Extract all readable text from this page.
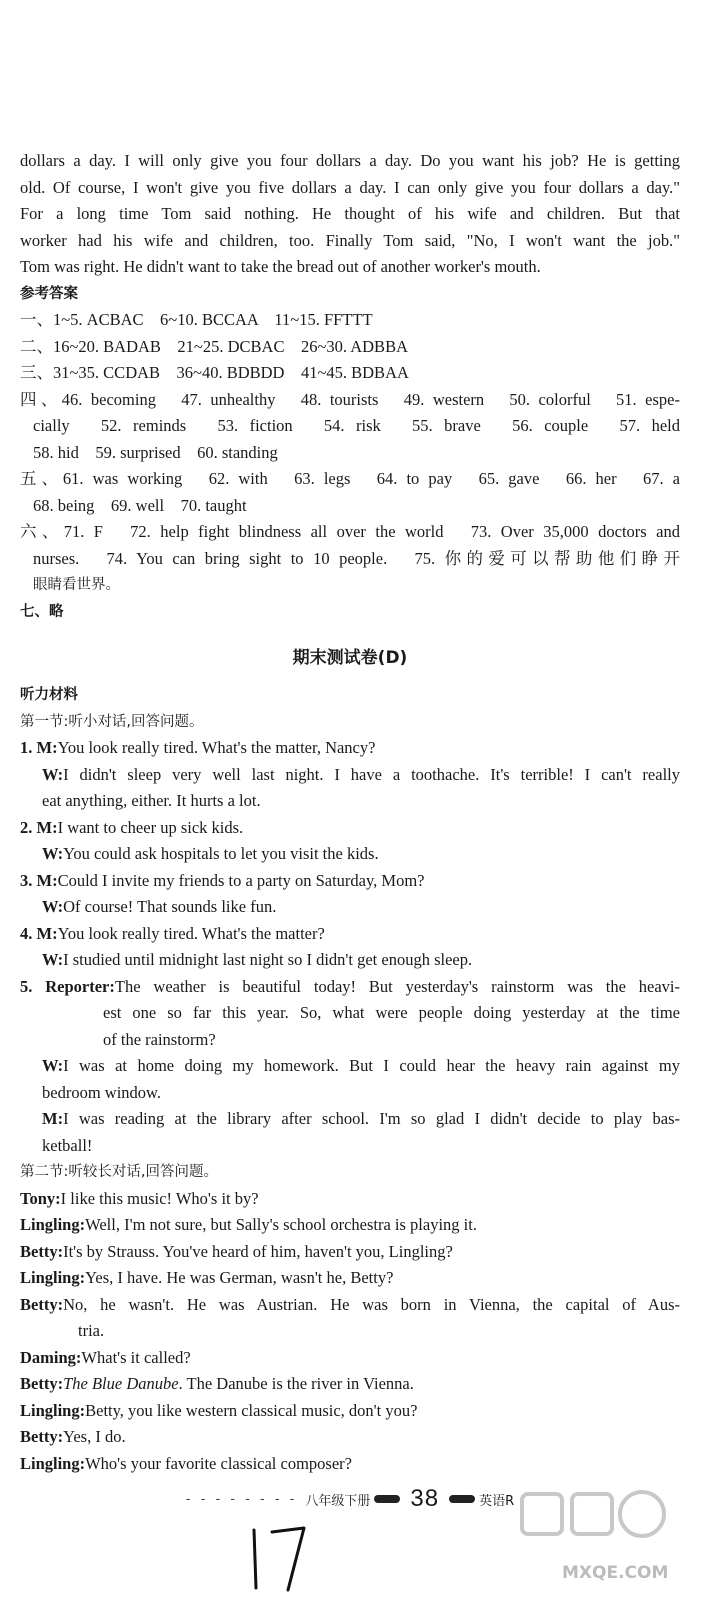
dollars a day. I will only give you four dollars a day. Do you want his job? He is getting
old. Of course, I won't give you five dollars a day. I can only give you four dollars a day."
For a long time Tom said nothing. He thought of his wife and children. But that
worker had his wife and children, too. Finally Tom said, "No, I won't want the job."
Tom was right. He didn't want to take the bread out of another worker's mouth.
参考答案
一、1~5. ACBAC　6~10. BCCAA　11~15. FFTTT
二、16~20. BADAB　21~25. DCBAC　26~30. ADBBA
三、31~35. CCDAB　36~40. BDBDD　41~45. BDBAA
四、46. becoming　47. unhealthy　48. tourists　49. western　50. colorful　51. espe-
cially　52. reminds　53. fiction　54. risk　55. brave　56. couple　57. held
58. hid　59. surprised　60. standing
五、61. was working　62. with　63. legs　64. to pay　65. gave　66. her　67. a
68. being　69. well　70. taught
六、71. F　72. help fight blindness all over the world　73. Over 35,000 doctors and
nurses.　74. You can bring sight to 10 people.　75. 你的爱可以帮助他们睁开
眼睛看世界。
七、略
期末测试卷(D)
听力材料
第一节:听小对话,回答问题。
1. M:You look really tired. What's the matter, Nancy?
W:I didn't sleep very well last night. I have a toothache. It's terrible! I can't really
eat anything, either. It hurts a lot.
2. M:I want to cheer up sick kids.
W:You could ask hospitals to let you visit the kids.
3. M:Could I invite my friends to a party on Saturday, Mom?
W:Of course! That sounds like fun.
4. M:You look really tired. What's the matter?
W:I studied until midnight last night so I didn't get enough sleep.
5. Reporter:The weather is beautiful today! But yesterday's rainstorm was the heavi-
est one so far this year. So, what were people doing yesterday at the time
of the rainstorm?
W:I was at home doing my homework. But I could hear the heavy rain against my
bedroom window.
M:I was reading at the library after school. I'm so glad I didn't decide to play bas-
ketball!
第二节:听较长对话,回答问题。
Tony:I like this music! Who's it by?
Lingling:Well, I'm not sure, but Sally's school orchestra is playing it.
Betty:It's by Strauss. You've heard of him, haven't you, Lingling?
Lingling:Yes, I have. He was German, wasn't he, Betty?
Betty:No, he wasn't. He was Austrian. He was born in Vienna, the capital of Aus-
tria.
Daming:What's it called?
Betty:The Blue Danube. The Danube is the river in Vienna.
Lingling:Betty, you like western classical music, don't you?
Betty:Yes, I do.
Lingling:Who's your favorite classical composer?
- - - - - - - - 八年级下册 38	英语R
MXQE.COM
